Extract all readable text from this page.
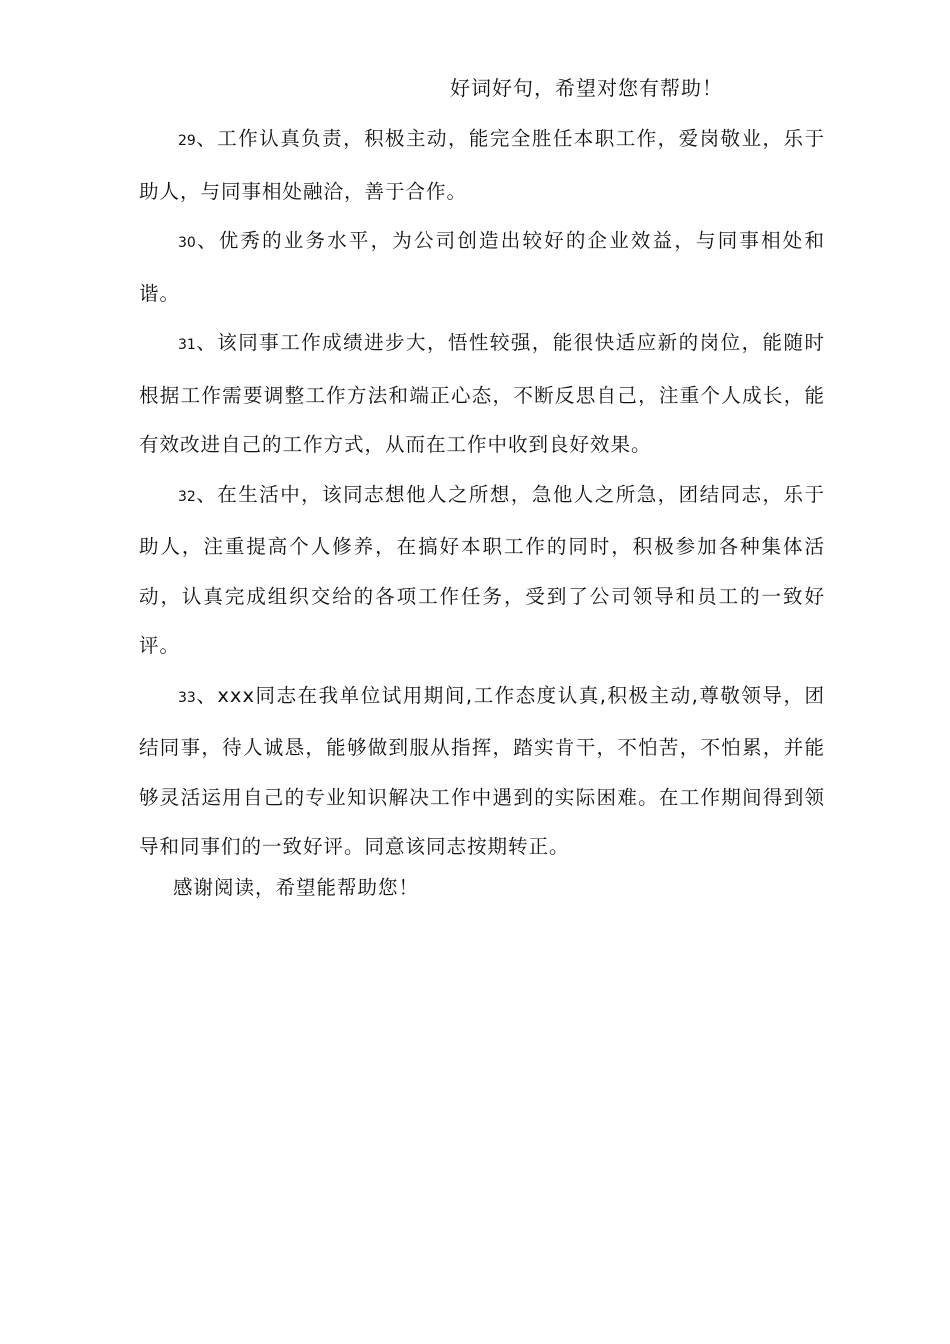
好词好句，希望对您有帮助！

29、工作认真负责，积极主动，能完全胜任本职工作，爱岗敬业，乐于助人，与同事相处融洽，善于合作。

30、优秀的业务水平，为公司创造出较好的企业效益，与同事相处和谐。

31、该同事工作成绩进步大，悟性较强，能很快适应新的岗位，能随时根据工作需要调整工作方法和端正心态，不断反思自己，注重个人成长，能有效改进自己的工作方式，从而在工作中收到良好效果。

32、在生活中，该同志想他人之所想，急他人之所急，团结同志，乐于助人，注重提高个人修养，在搞好本职工作的同时，积极参加各种集体活动，认真完成组织交给的各项工作任务，受到了公司领导和员工的一致好评。

33、xxx同志在我单位试用期间,工作态度认真,积极主动,尊敬领导，团结同事，待人诚恳，能够做到服从指挥，踏实肯干，不怕苦，不怕累，并能够灵活运用自己的专业知识解决工作中遇到的实际困难。在工作期间得到领导和同事们的一致好评。同意该同志按期转正。

感谢阅读，希望能帮助您！
